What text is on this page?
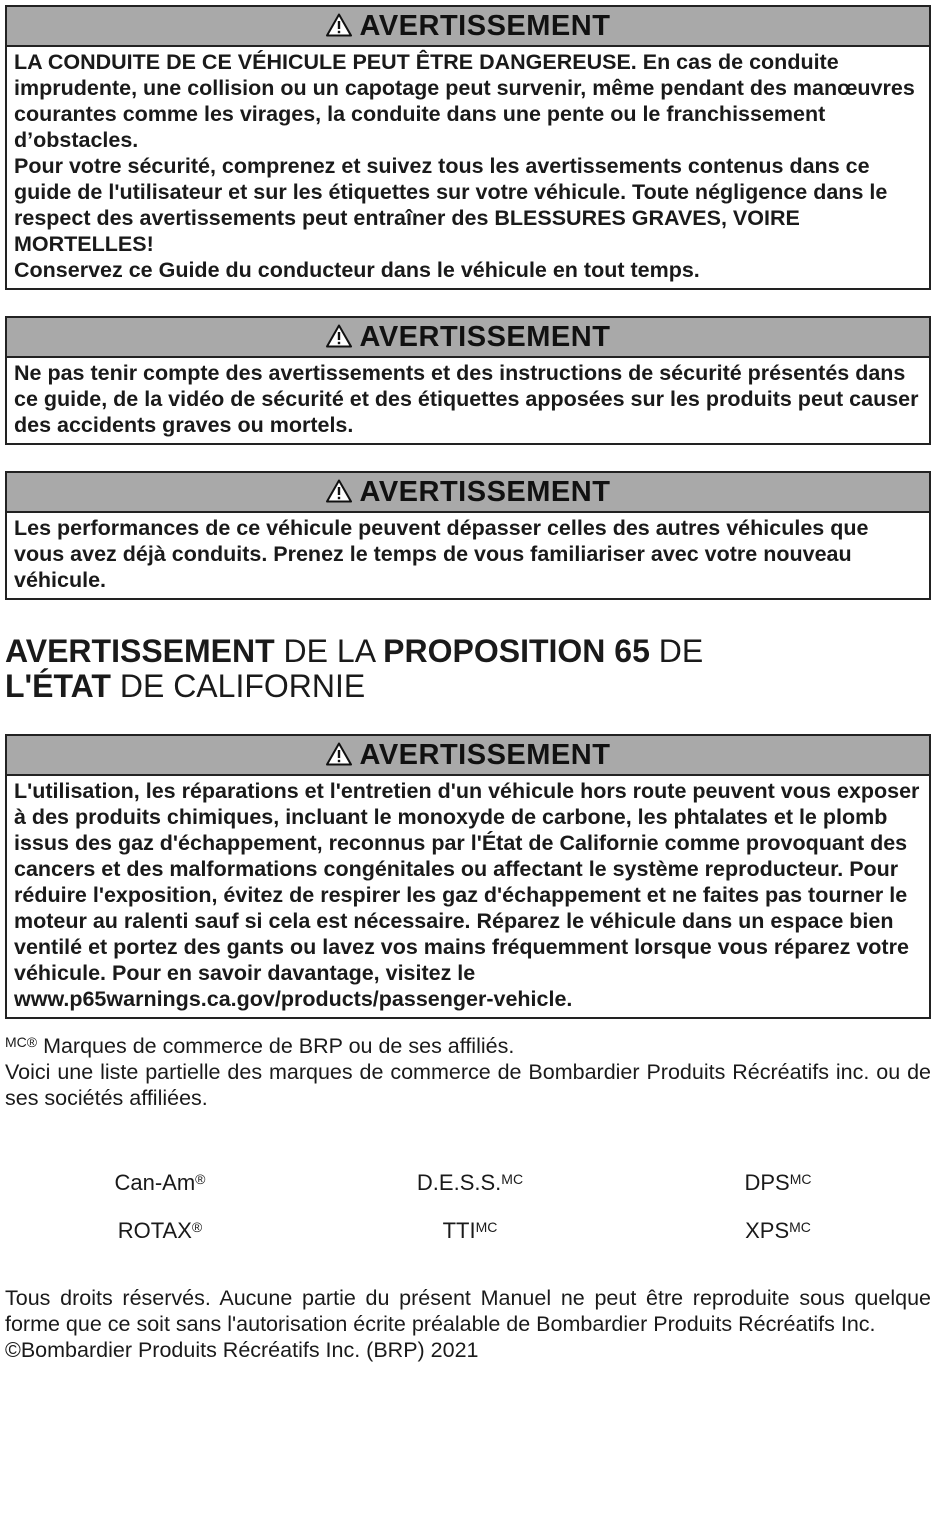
AVERTISSEMENT

LA CONDUITE DE CE VÉHICULE PEUT ÊTRE DANGEREUSE. En cas de conduite imprudente, une collision ou un capotage peut survenir, même pendant des manœuvres courantes comme les virages, la conduite dans une pente ou le franchissement d’obstacles.

Pour votre sécurité, comprenez et suivez tous les avertissements contenus dans ce guide de l'utilisateur et sur les étiquettes sur votre véhicule. Toute négligence dans le respect des avertissements peut entraîner des BLESSURES GRAVES, VOIRE MORTELLES!

Conservez ce Guide du conducteur dans le véhicule en tout temps.

AVERTISSEMENT

Ne pas tenir compte des avertissements et des instructions de sécurité présentés dans ce guide, de la vidéo de sécurité et des étiquettes apposées sur les produits peut causer des accidents graves ou mortels.

AVERTISSEMENT

Les performances de ce véhicule peuvent dépasser celles des autres véhicules que vous avez déjà conduits. Prenez le temps de vous familiariser avec votre nouveau véhicule.

AVERTISSEMENT DE LA PROPOSITION 65 DE
L'ÉTAT DE CALIFORNIE
AVERTISSEMENT

L'utilisation, les réparations et l'entretien d'un véhicule hors route peuvent vous exposer à des produits chimiques, incluant le monoxyde de carbone, les phtalates et le plomb issus des gaz d'échappement, reconnus par l'État de Californie comme provoquant des cancers et des malformations congénitales ou affectant le système reproducteur. Pour réduire l'exposition, évitez de respirer les gaz d'échappement et ne faites pas tourner le moteur au ralenti sauf si cela est nécessaire. Réparez le véhicule dans un espace bien ventilé et portez des gants ou lavez vos mains fréquemment lorsque vous réparez votre véhicule. Pour en savoir davantage, visitez le

www.p65warnings.ca.gov/products/passenger-vehicle.

$^{MC®}$ Marques de commerce de BRP ou de ses affiliés.
Voici une liste partielle des marques de commerce de Bombardier Produits Récréatifs inc. ou de ses sociétés affiliées.
Can-Am®	D.E.S.S.$^{MC}$	$DPS^{MC}$
ROTAX®	$TTI^{MC}$	$XPS^{MC}$

Tous droits réservés. Aucune partie du présent Manuel ne peut être reproduite sous quelque forme que ce soit sans l'autorisation écrite préalable de Bombardier Produits Récréatifs Inc.

©Bombardier Produits Récréatifs Inc. (BRP) 2021
